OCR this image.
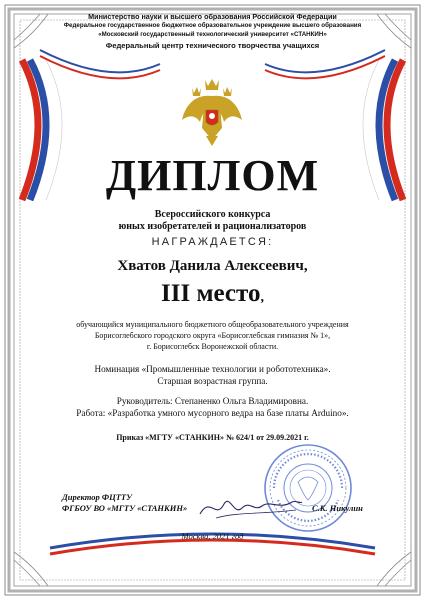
Министерство науки и высшего образования Российской Федерации
Федеральное государственное бюджетное образовательное учреждение высшего образования
«Московский государственный технологический университет «СТАНКИН»
Федеральный центр технического творчества учащихся
ДИПЛОМ
Всероссийского конкурса
юных изобретателей и рационализаторов
НАГРАЖДАЕТСЯ:
Хватов Данила Алексеевич,
III место,
обучающийся муниципального бюджетного общеобразовательного учреждения
Борисоглебского городского округа «Борисоглебская гимназия № 1»,
г. Борисоглебск Воронежской области.
Номинация «Промышленные технологии и робототехника».
Старшая возрастная группа.
Руководитель: Степаненко Ольга Владимировна.
Работа: «Разработка умного мусорного ведра на базе платы Arduino».
Приказ «МГТУ «СТАНКИН» № 624/1 от 29.09.2021 г.
Директор ФЦТТУ
ФГБОУ ВО «МГТУ «СТАНКИН»	С.К. Никулин
Москва, 2021 год
